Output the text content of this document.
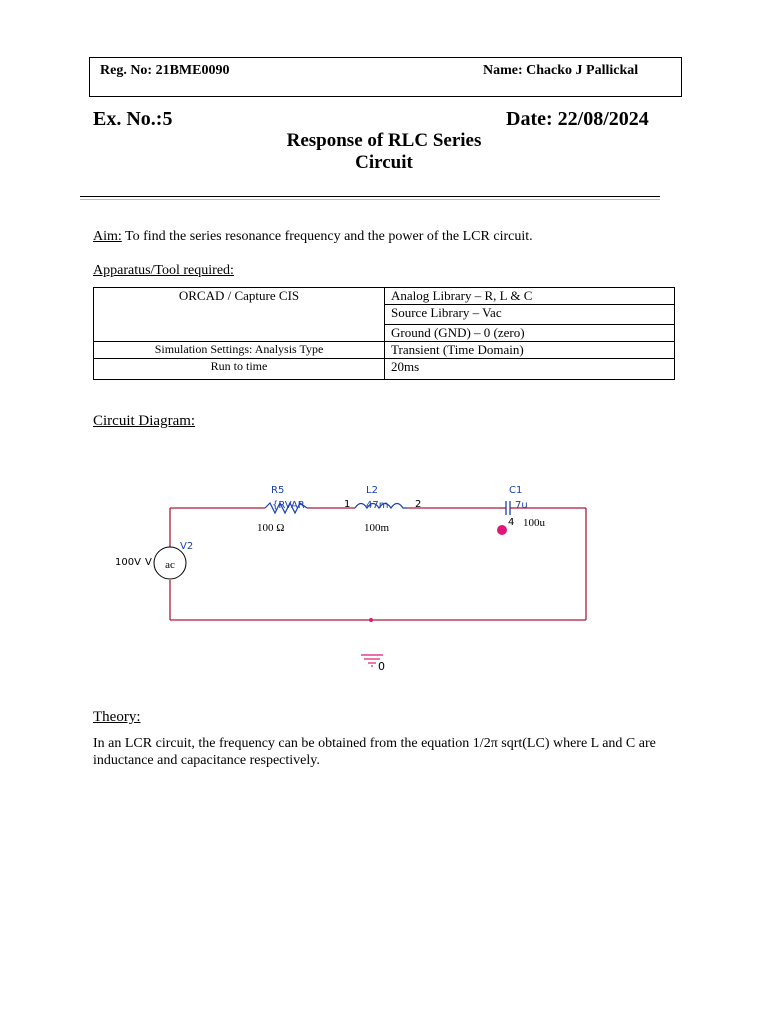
Reg. No: 21BME0090	Name: Chacko J Pallickal
Ex. No.:5	Date: 22/08/2024
Response of RLC Series
Circuit
Aim: To find the series resonance frequency and the power of the LCR circuit.
Apparatus/Tool required:
ORCAD / Capture CIS	Analog Library – R, L & C
	Source Library – Vac
	Ground (GND) – 0 (zero)
Simulation Settings: Analysis Type	Transient (Time Domain)
Run to time	20ms
Circuit Diagram:
ac
R5
{RVAR
L2
1	2
47m
C1
7u
4
V2
100 Ω	100m	100u
100V V
0
Theory:
In an LCR circuit, the frequency can be obtained from the equation 1/2π sqrt(LC) where L and C are inductance and capacitance respectively.
